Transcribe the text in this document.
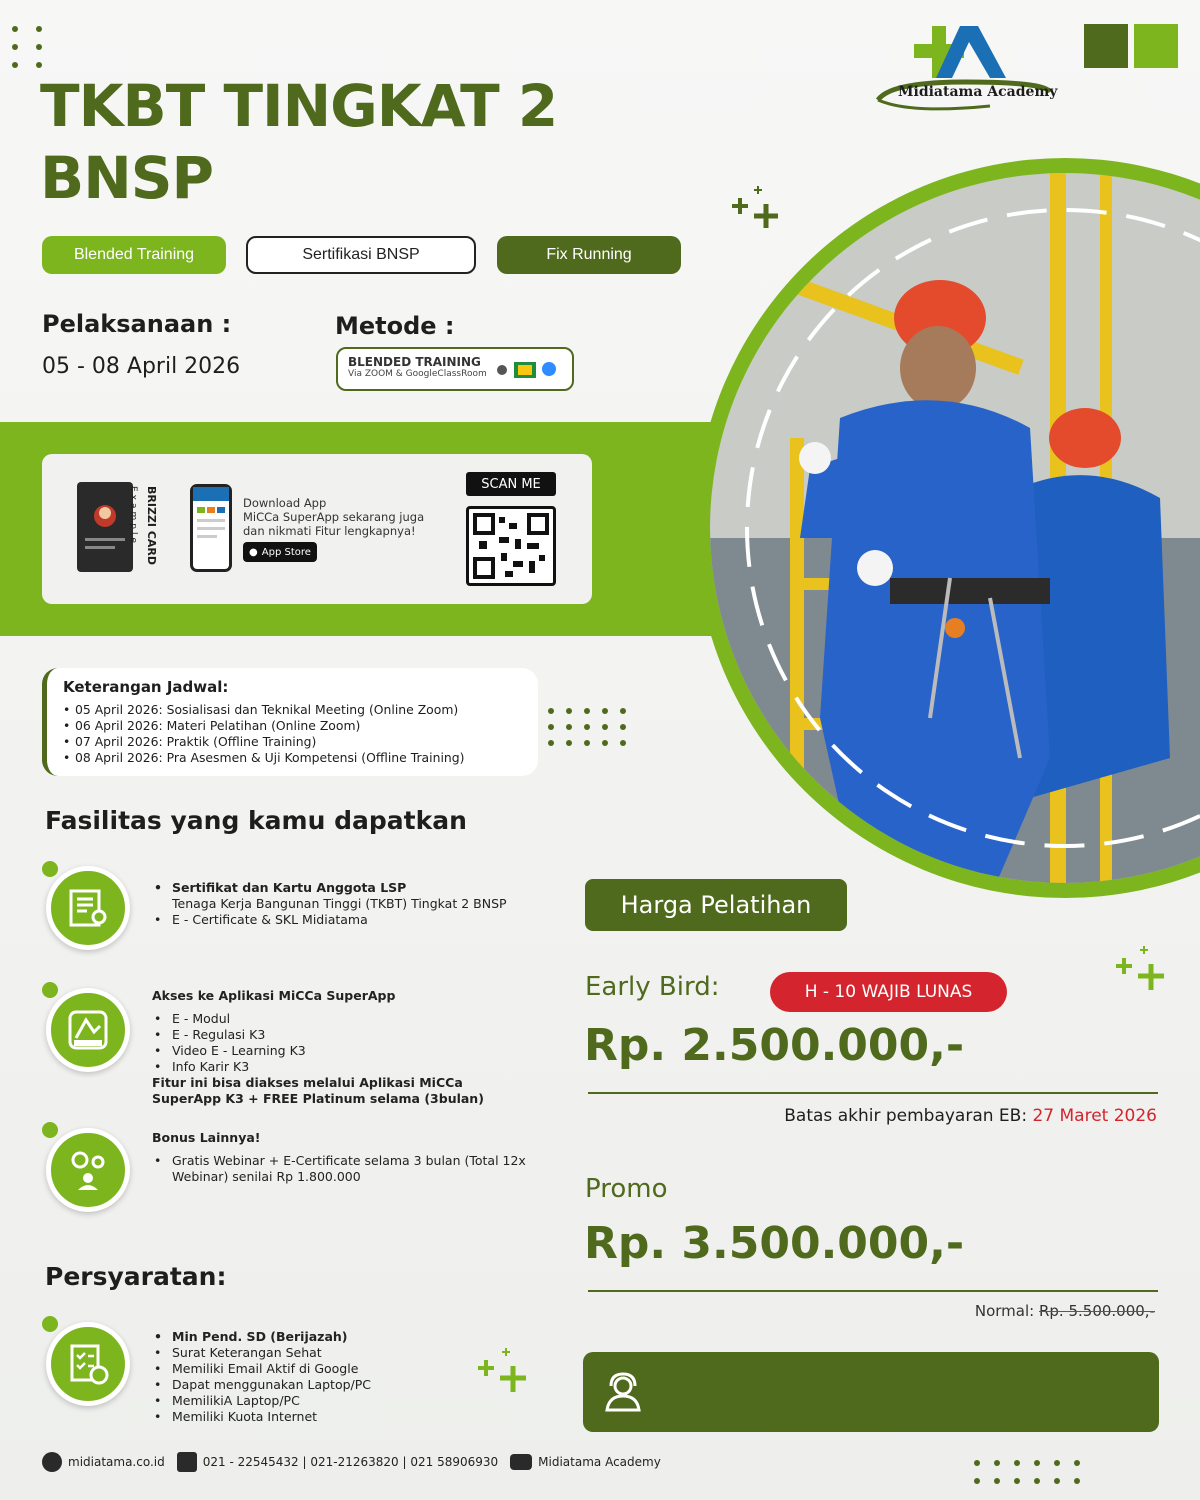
TKBT TINGKAT 2
BNSP
Midiatama Academy
Blended Training	Sertifikasi BNSP	Fix Running
Pelaksanaan :
05 - 08 April 2026
Metode :
BLENDED TRAINING
Via ZOOM & GoogleClassRoom
BRIZZI CARD
Example	Download App
MiCCa SuperApp sekarang juga
dan nikmati Fitur lengkapnya!
● App Store
SCAN ME
Keterangan Jadwal:
• 05 April 2026: Sosialisasi dan Teknikal Meeting (Online Zoom)
• 06 April 2026: Materi Pelatihan (Online Zoom)
• 07 April 2026: Praktik (Offline Training)
• 08 April 2026: Pra Asesmen & Uji Kompetensi (Offline Training)
Fasilitas yang kamu dapatkan
• Sertifikat dan Kartu Anggota LSP
Tenaga Kerja Bangunan Tinggi (TKBT) Tingkat 2 BNSP
• E - Certificate & SKL Midiatama
Akses ke Aplikasi MiCCa SuperApp
• E - Modul
• E - Regulasi K3
• Video E - Learning K3
• Info Karir K3
Fitur ini bisa diakses melalui Aplikasi MiCCa
SuperApp K3 + FREE Platinum selama (3bulan)
Bonus Lainnya!
• Gratis Webinar + E-Certificate selama 3 bulan (Total 12x
Webinar) senilai Rp 1.800.000
Persyaratan:
• Min Pend. SD (Berijazah)
• Surat Keterangan Sehat
• Memiliki Email Aktif di Google
• Dapat menggunakan Laptop/PC
• MemilikiA Laptop/PC
• Memiliki Kuota Internet
Harga Pelatihan
Early Bird:	H - 10 WAJIB LUNAS
Rp. 2.500.000,-
Batas akhir pembayaran EB: 27 Maret 2026
Promo
Rp. 3.500.000,-
Normal: Rp. 5.500.000,-
midiatama.co.id	021 - 22545432 | 021-21263820 | 021 58906930	Midiatama Academy
